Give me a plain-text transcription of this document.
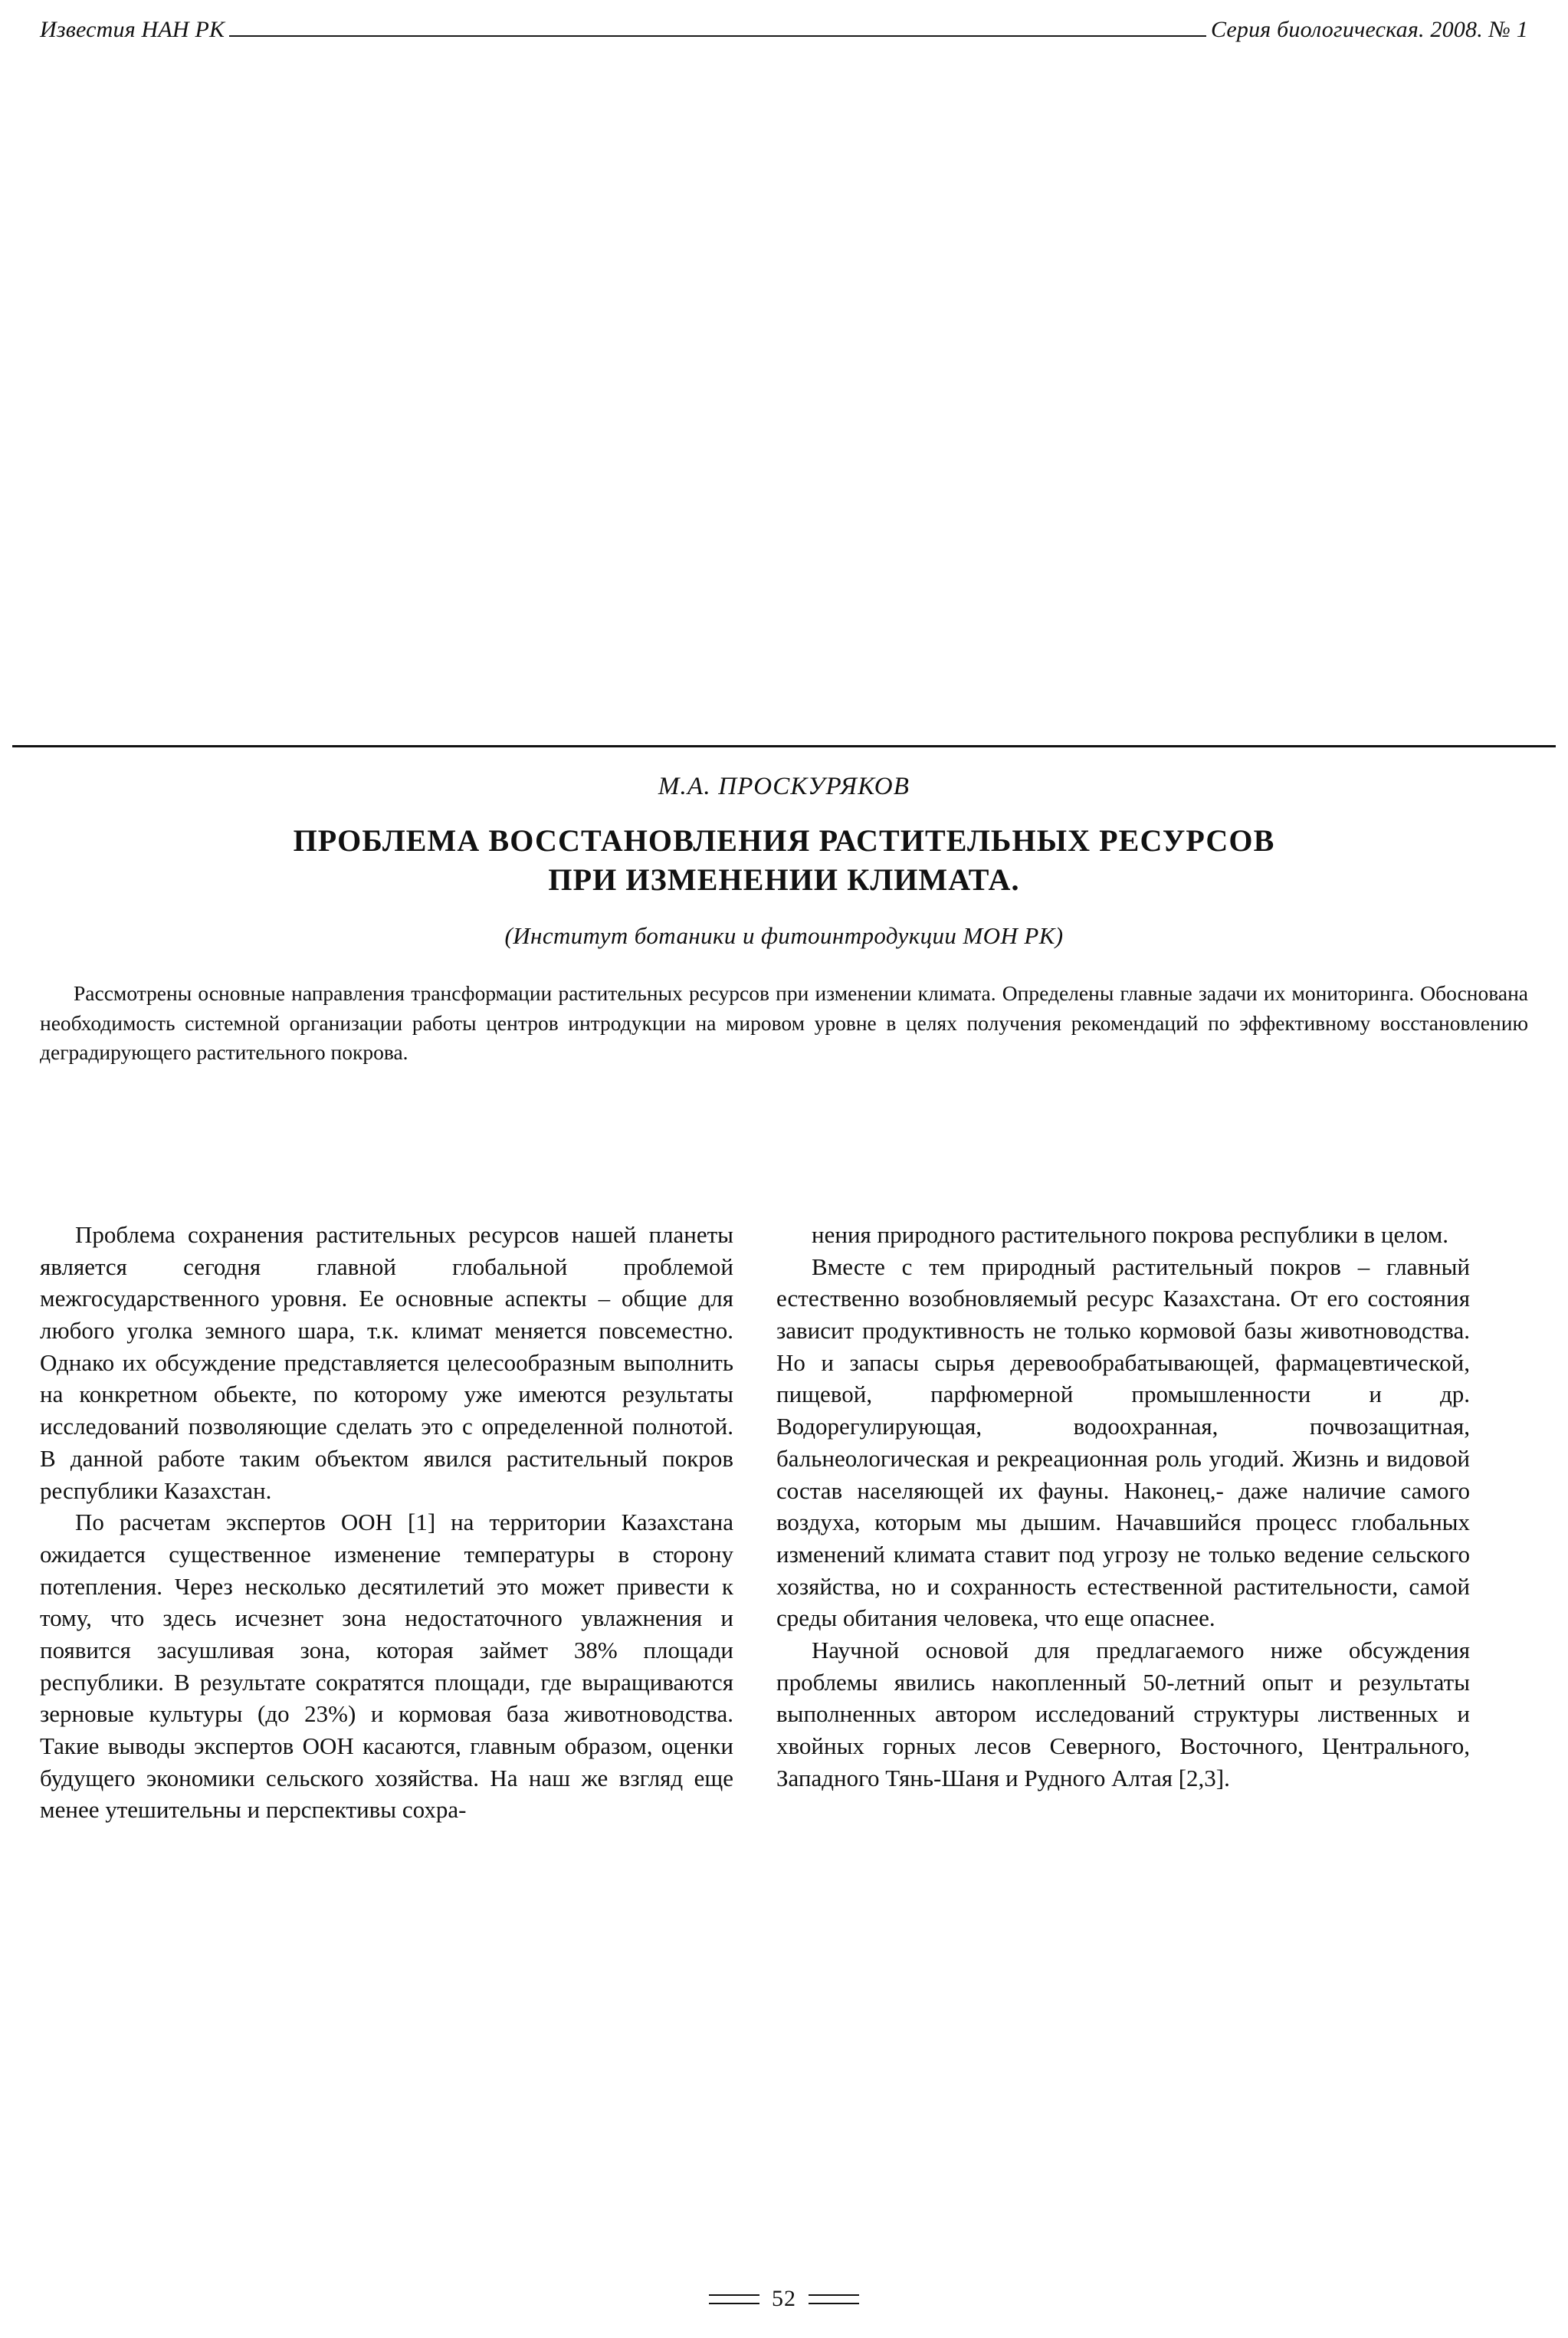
Известия НАН РК	Серия биологическая. 2008. № 1
М.А. ПРОСКУРЯКОВ
ПРОБЛЕМА ВОССТАНОВЛЕНИЯ РАСТИТЕЛЬНЫХ РЕСУРСОВ
ПРИ ИЗМЕНЕНИИ КЛИМАТА.
(Институт ботаники и фитоинтродукции МОН РК)

Рассмотрены основные направления трансформации растительных ресурсов при изменении климата. Определены главные задачи их мониторинга. Обоснована необходимость системной организации работы центров интродукции на мировом уровне в целях получения рекомендаций по эффективному восстановлению деградирующего растительного покрова.

Проблема сохранения растительных ресурсов нашей планеты является сегодня главной глобальной проблемой межгосударственного уровня. Ее основные аспекты – общие для любого уголка земного шара, т.к. климат меняется повсеместно. Однако их обсуждение представляется целесообразным выполнить на конкретном обьекте, по которому уже имеются результаты исследований позволяющие сделать это с определенной полнотой. В данной работе таким объектом явился растительный покров республики Казахстан.

По расчетам экспертов ООН [1] на территории Казахстана ожидается существенное изменение температуры в сторону потепления. Через несколько десятилетий это может привести к тому, что здесь исчезнет зона недостаточного увлажнения и появится засушливая зона, которая займет 38% площади республики. В результате сократятся площади, где выращиваются зерновые культуры (до 23%) и кормовая база животноводства. Такие выводы экспертов ООН касаются, главным образом, оценки будущего экономики сельского хозяйства. На наш же взгляд еще менее утешительны и перспективы сохра-

нения природного растительного покрова республики в целом.

Вместе с тем природный растительный покров – главный естественно возобновляемый ресурс Казахстана. От его состояния зависит продуктивность не только кормовой базы животноводства. Но и запасы сырья деревообрабатывающей, фармацевтической, пищевой, парфюмерной промышленности и др. Водорегулирующая, водоохранная, почвозащитная, бальнеологическая и рекреационная роль угодий. Жизнь и видовой состав населяющей их фауны. Наконец,- даже наличие самого воздуха, которым мы дышим. Начавшийся процесс глобальных изменений климата ставит под угрозу не только ведение сельского хозяйства, но и сохранность естественной растительности, самой среды обитания человека, что еще опаснее.

Научной основой для предлагаемого ниже обсуждения проблемы явились накопленный 50-летний опыт и результаты выполненных автором исследований структуры лиственных и хвойных горных лесов Северного, Восточного, Центрального, Западного Тянь-Шаня и Рудного Алтая [2,3].

52
